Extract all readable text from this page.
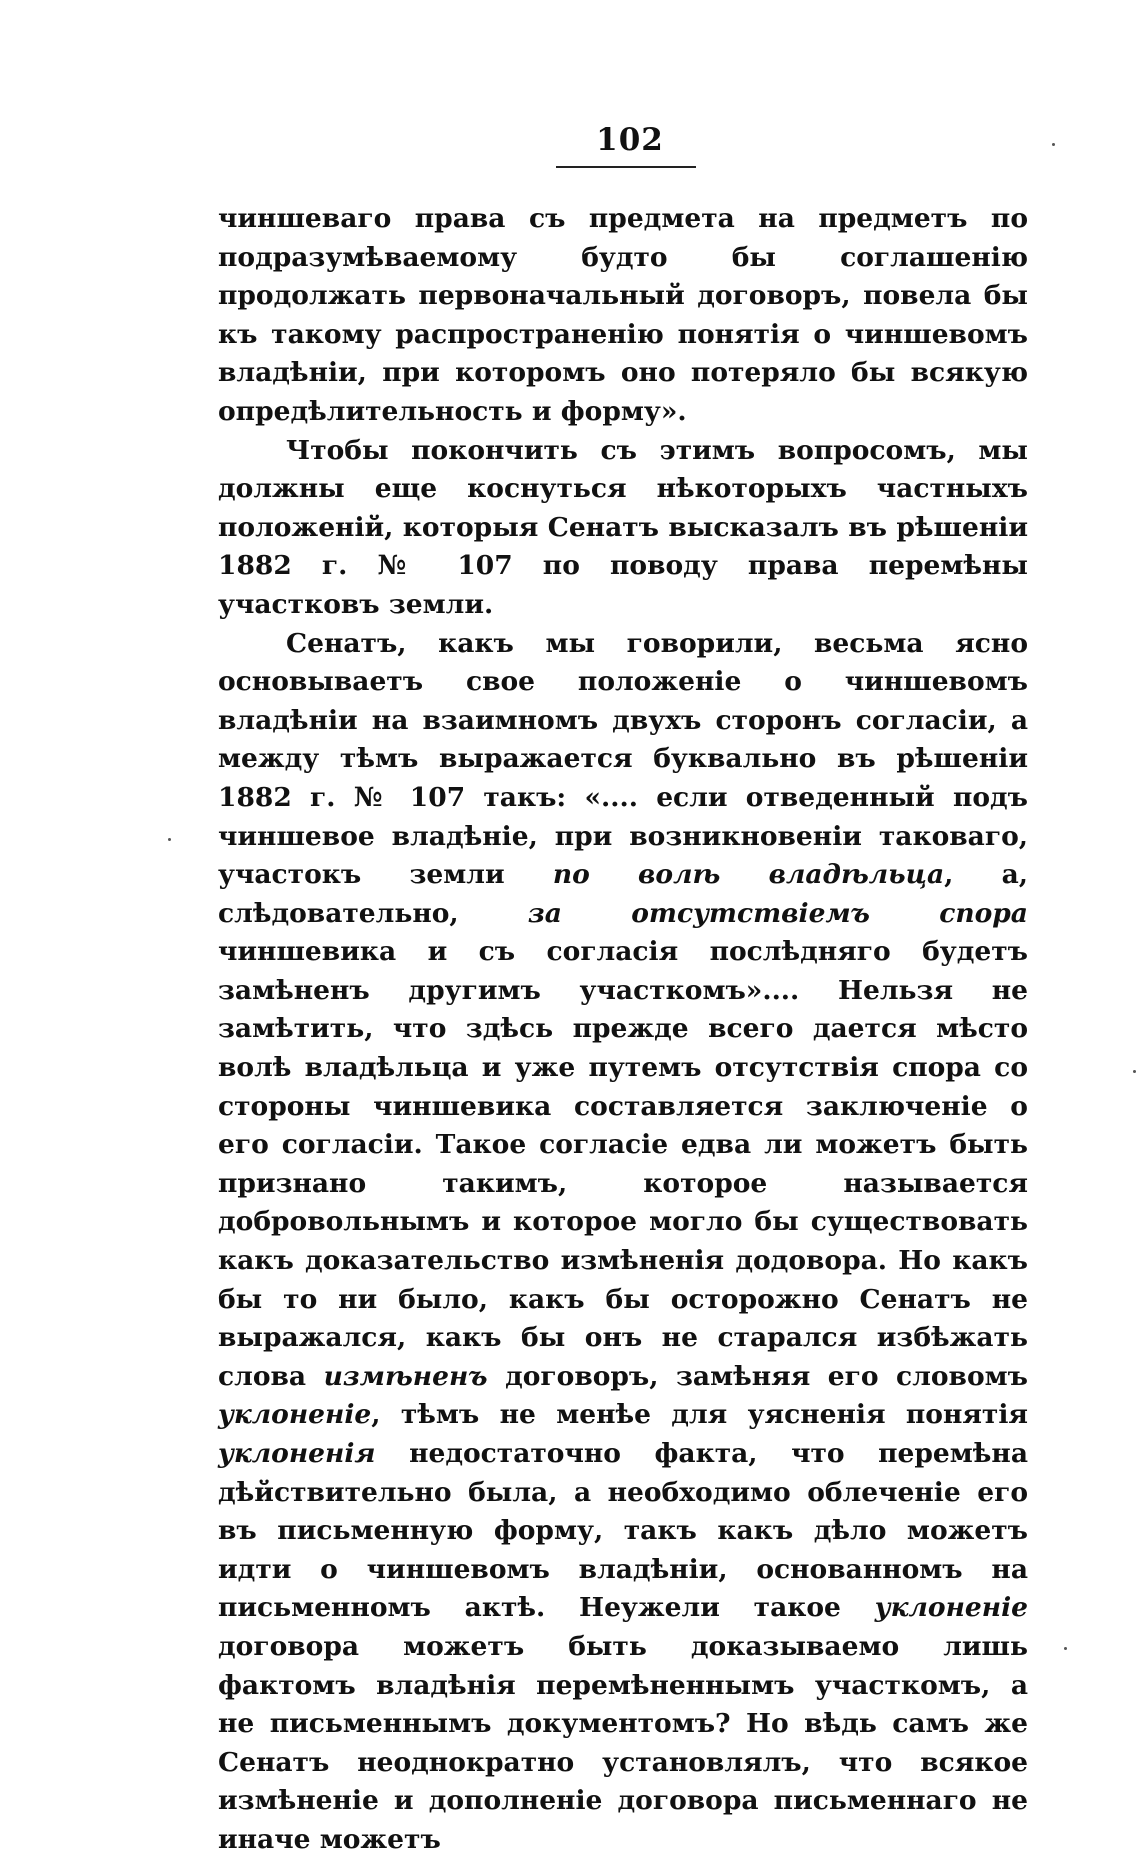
102

чиншеваго права съ предмета на предметъ по подразумѣваемому будто бы соглашенію продолжать первоначальный договоръ, повела бы къ такому распространенію понятія о чиншевомъ владѣніи, при которомъ оно потеряло бы всякую опредѣлительность и форму».

Чтобы покончить съ этимъ вопросомъ, мы должны еще коснуться нѣкоторыхъ частныхъ положеній, которыя Сенатъ высказалъ въ рѣшеніи 1882 г. № 107 по поводу права перемѣны участковъ земли.

Сенатъ, какъ мы говорили, весьма ясно основываетъ свое положеніе о чиншевомъ владѣніи на взаимномъ двухъ сторонъ согласіи, а между тѣмъ выражается буквально въ рѣшеніи 1882 г. № 107 такъ: «.... если отведенный подъ чиншевое владѣніе, при возникновеніи таковаго, участокъ земли по волѣ владѣльца, а, слѣдовательно, за отсутствіемъ спора чиншевика и съ согласія послѣдняго будетъ замѣненъ другимъ участкомъ».... Нельзя не замѣтить, что здѣсь прежде всего дается мѣсто волѣ владѣльца и уже путемъ отсутствія спора со стороны чиншевика составляется заключеніе о его согласіи. Такое согласіе едва ли можетъ быть признано такимъ, которое называется добровольнымъ и которое могло бы существовать какъ доказательство измѣненія додовора. Но какъ бы то ни было, какъ бы осторожно Сенатъ не выражался, какъ бы онъ не старался избѣжать слова измѣненъ договоръ, замѣняя его словомъ уклоненіе, тѣмъ не менѣе для уясненія понятія уклоненія недостаточно факта, что перемѣна дѣйствительно была, а необходимо облеченіе его въ письменную форму, такъ какъ дѣло можетъ идти о чиншевомъ владѣніи, основанномъ на письменномъ актѣ. Неужели такое уклоненіе договора можетъ быть доказываемо лишь фактомъ владѣнія перемѣненнымъ участкомъ, а не письменнымъ документомъ? Но вѣдь самъ же Сенатъ неоднократно установлялъ, что всякое измѣненіе и дополненіе договора письменнаго не иначе можетъ
